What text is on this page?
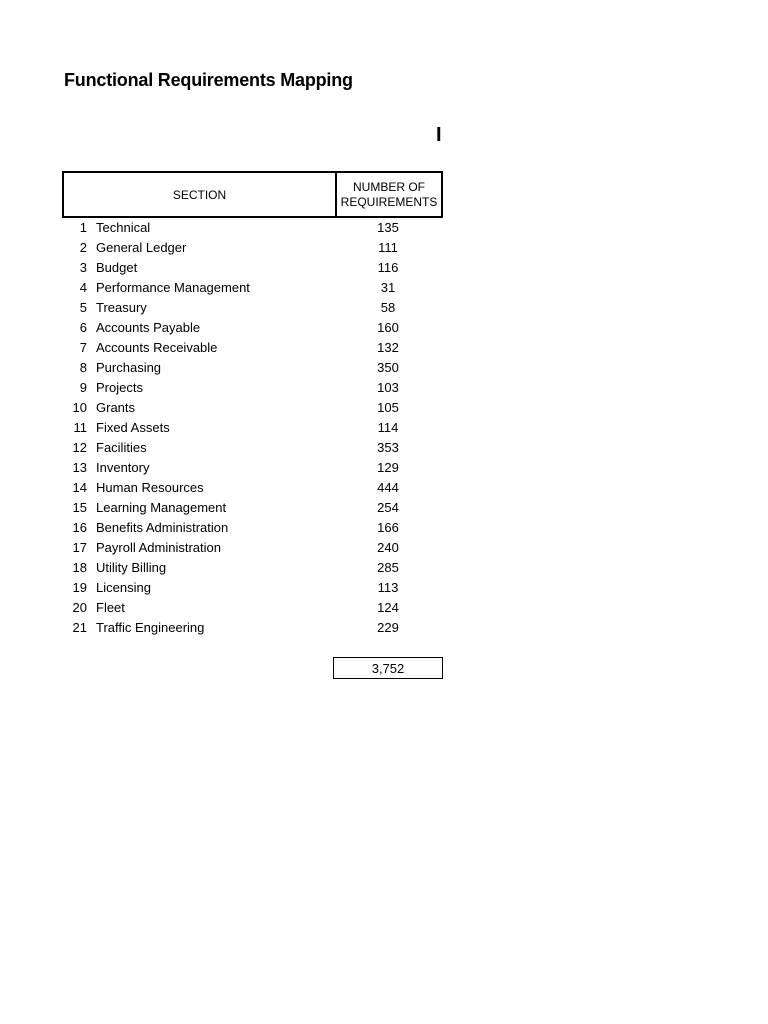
Functional Requirements Mapping
I
SECTION
NUMBER OF
REQUIREMENTS
1 Technical	135
2 General Ledger	111
3 Budget	116
4 Performance Management	31
5 Treasury	58
6 Accounts Payable	160
7 Accounts Receivable	132
8 Purchasing	350
9 Projects	103
10 Grants	105
11 Fixed Assets	114
12 Facilities	353
13 Inventory	129
14 Human Resources	444
15 Learning Management	254
16 Benefits Administration	166
17 Payroll Administration	240
18 Utility Billing	285
19 Licensing	113
20 Fleet	124
21 Traffic Engineering	229
3,752
